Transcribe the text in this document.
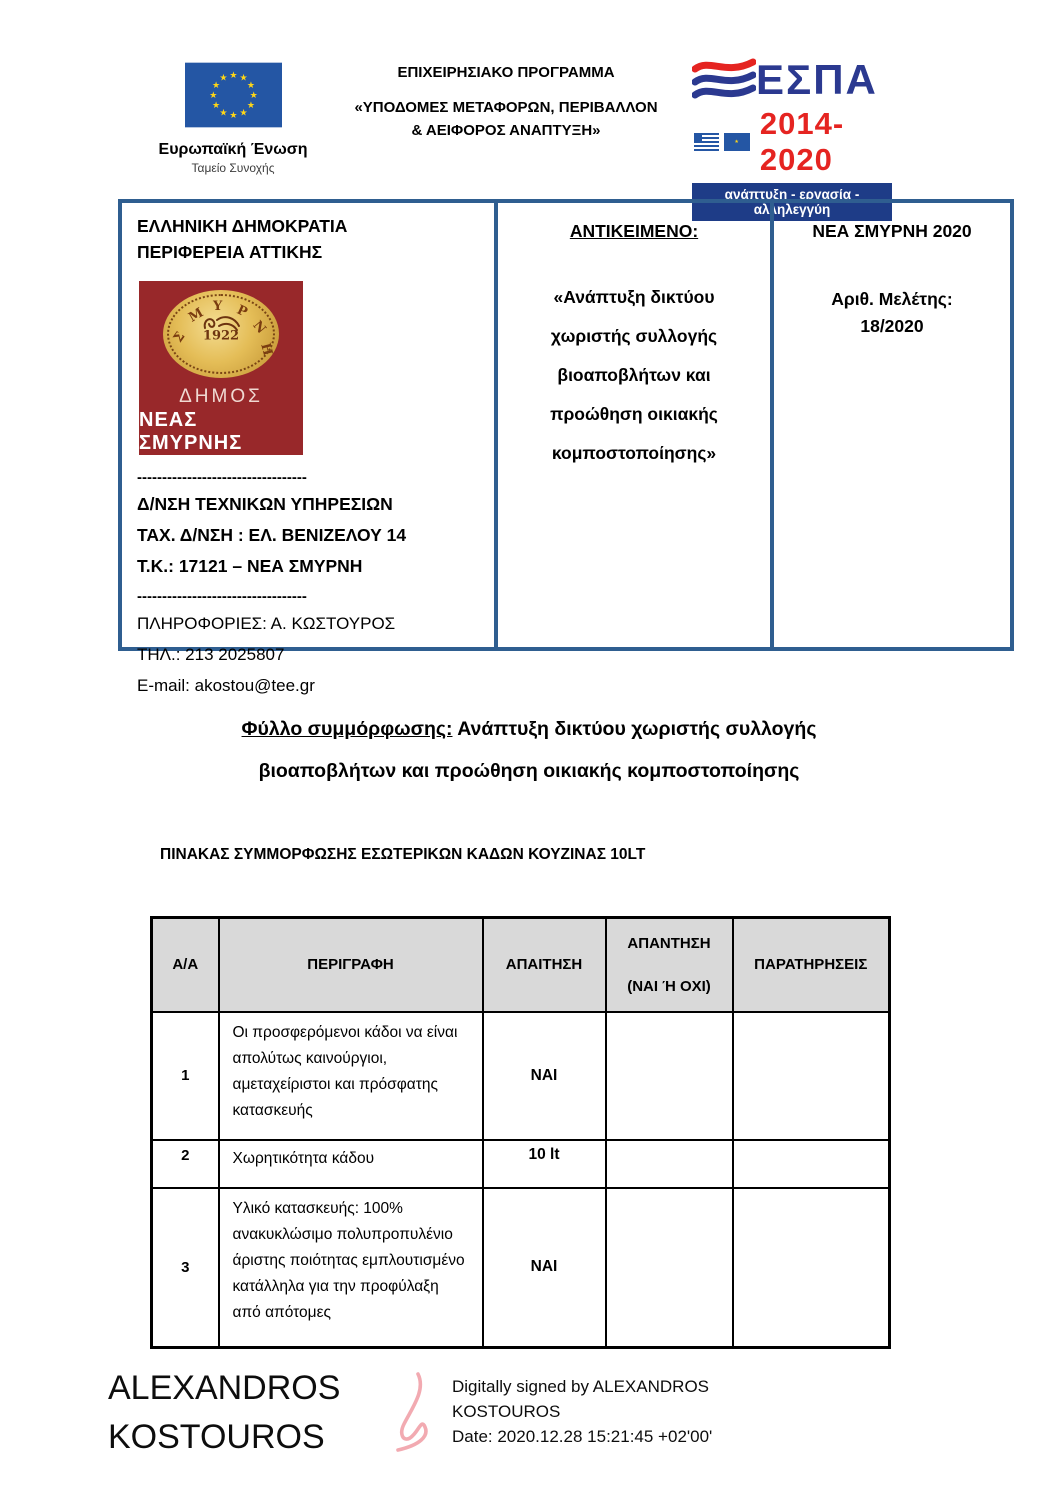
★ ★
★
★
★
★
★
★
★
★
★
★
Ευρωπαϊκή Ένωση
Ταμείο Συνοχής
ΕΠΙΧΕΙΡΗΣΙΑΚΟ ΠΡΟΓΡΑΜΜΑ
«ΥΠΟΔΟΜΕΣ ΜΕΤΑΦΟΡΩΝ, ΠΕΡΙΒΑΛΛΟΝ
& ΑΕΙΦΟΡΟΣ ΑΝΑΠΤΥΞΗ»
ΕΣΠΑ
★
2014-2020
ανάπτυξη - εργασία - αλληλεγγύη
ΕΛΛΗΝΙΚΗ ΔΗΜΟΚΡΑΤΙΑ
ΠΕΡΙΦΕΡΕΙΑ ΑΤΤΙΚΗΣ
Σ
Μ Υ Ρ
Ν
Η
1922
ΔΗΜΟΣ
ΝΕΑΣ ΣΜΥΡΝΗΣ
----------------------------------
Δ/ΝΣΗ ΤΕΧΝΙΚΩΝ ΥΠΗΡΕΣΙΩΝ
ΤΑΧ. Δ/ΝΣΗ : ΕΛ. ΒΕΝΙΖΕΛΟΥ 14
Τ.Κ.: 17121 – ΝΕΑ ΣΜΥΡΝΗ
----------------------------------
ΠΛΗΡΟΦΟΡΙΕΣ: Α. ΚΩΣΤΟΥΡΟΣ
ΤΗΛ.: 213 2025807
E-mail: akostou@tee.gr
ΑΝΤΙΚΕΙΜΕΝΟ:
«Ανάπτυξη δικτύου
χωριστής συλλογής
βιοαποβλήτων και
προώθηση οικιακής
κομποστοποίησης»
ΝΕΑ ΣΜΥΡΝΗ 2020
Αριθ. Μελέτης:
18/2020
Φύλλο συμμόρφωσης: Ανάπτυξη δικτύου χωριστής συλλογής
βιοαποβλήτων και προώθηση οικιακής κομποστοποίησης
ΠΙΝΑΚΑΣ ΣΥΜΜΟΡΦΩΣΗΣ ΕΣΩΤΕΡΙΚΩΝ ΚΑΔΩΝ ΚΟΥΖΙΝΑΣ 10LT
Α/Α	ΠΕΡΙΓΡΑΦΗ	ΑΠΑΙΤΗΣΗ	ΑΠΑΝΤΗΣΗ
(ΝΑΙ Ή ΟΧΙ)	ΠΑΡΑΤΗΡΗΣΕΙΣ
1	Οι προσφερόμενοι κάδοι να είναι απολύτως καινούργιοι, αμεταχείριστοι και πρόσφατης κατασκευής	ΝΑΙ		
2	Χωρητικότητα κάδου	10 lt		
3	Υλικό κατασκευής: 100% ανακυκλώσιμο πολυπροπυλένιο άριστης ποιότητας εμπλουτισμένο κατάλληλα για την προφύλαξη από απότομες	ΝΑΙ		
ALEXANDROS
KOSTOUROS
Digitally signed by ALEXANDROS
KOSTOUROS
Date: 2020.12.28 15:21:45 +02'00'
